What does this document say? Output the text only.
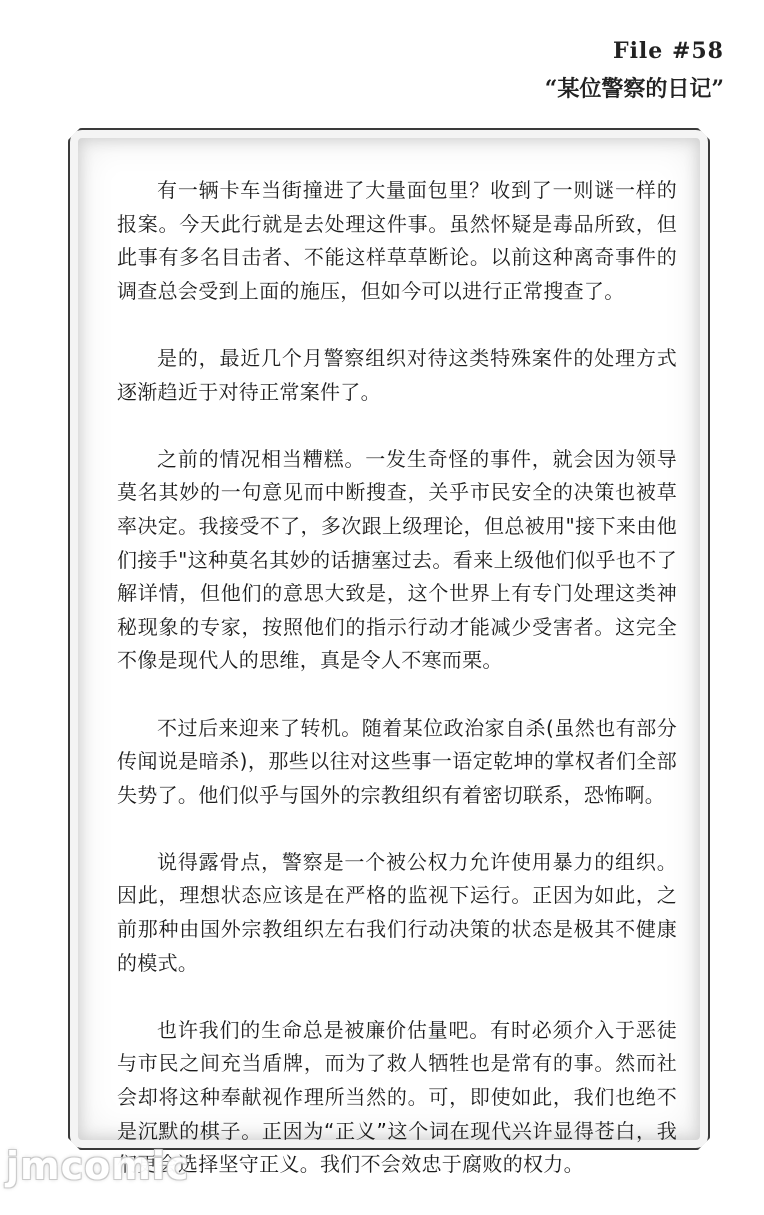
File #58
“某位警察的日记”

有一辆卡车当街撞进了大量面包里？收到了一则谜一样的报案。今天此行就是去处理这件事。虽然怀疑是毒品所致，但此事有多名目击者、不能这样草草断论。以前这种离奇事件的调查总会受到上面的施压，但如今可以进行正常搜查了。

是的，最近几个月警察组织对待这类特殊案件的处理方式逐渐趋近于对待正常案件了。

之前的情况相当糟糕。一发生奇怪的事件，就会因为领导莫名其妙的一句意见而中断搜查，关乎市民安全的决策也被草率决定。我接受不了，多次跟上级理论，但总被用"接下来由他们接手"这种莫名其妙的话搪塞过去。看来上级他们似乎也不了解详情，但他们的意思大致是，这个世界上有专门处理这类神秘现象的专家，按照他们的指示行动才能减少受害者。这完全不像是现代人的思维，真是令人不寒而栗。

不过后来迎来了转机。随着某位政治家自杀(虽然也有部分传闻说是暗杀)，那些以往对这些事一语定乾坤的掌权者们全部失势了。他们似乎与国外的宗教组织有着密切联系，恐怖啊。

说得露骨点，警察是一个被公权力允许使用暴力的组织。因此，理想状态应该是在严格的监视下运行。正因为如此，之前那种由国外宗教组织左右我们行动决策的状态是极其不健康的模式。

也许我们的生命总是被廉价估量吧。有时必须介入于恶徒与市民之间充当盾牌，而为了救人牺牲也是常有的事。然而社会却将这种奉献视作理所当然的。可，即使如此，我们也绝不是沉默的棋子。正因为“正义”这个词在现代兴许显得苍白，我们更会选择坚守正义。我们不会效忠于腐败的权力。

jmcomic
